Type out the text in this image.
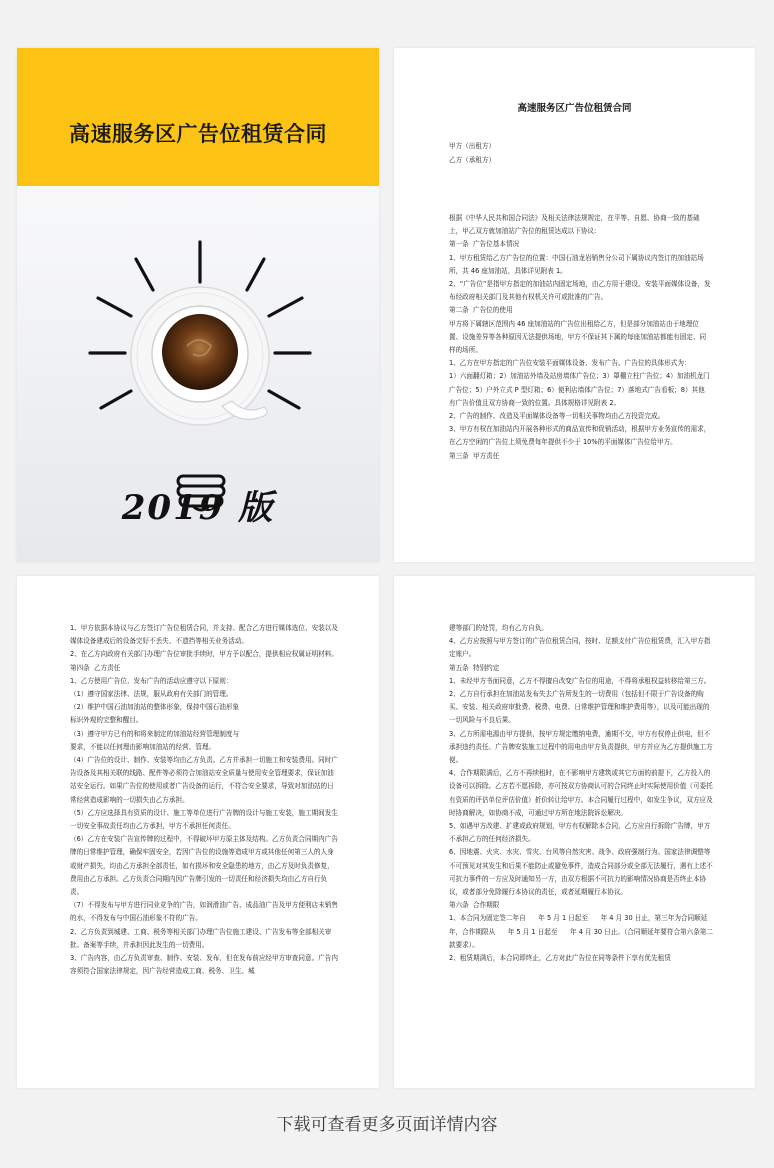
高速服务区广告位租赁合同
2019 版
高速服务区广告位租赁合同
甲方（出租方）
乙方（承租方）
根据《中华人民共和国合同法》及相关法律法规规定，在平等、自愿、协商一致的基础上，甲乙双方就加油站广告位的租赁达成以下协议:
第一条  广告位基本情况
1、甲方租赁给乙方广告位的位置：中国石油龙岩销售分公司下属协议内签订的加油站场所，共 46 座加油站，具体详见附表 1。
2、“广告位”是指甲方指定的加油站内固定场地，由乙方用于建设、安装平面媒体设备，发布经政府相关部门及其他有权机关许可或批准的广告。
第二条  广告位的使用
甲方将下属辖区范围内 46 座加油站的广告位出租给乙方，但是部分加油站由于地理位置、设施差异等各种原因无法提供场地，甲方不保证其下属的每座加油站都能有固定、同样的场所。
1、乙方在甲方指定的广告位安装平面媒体设备、发布广告。广告位的具体形式为：
1）六面翻灯箱；2）加油站外墙及站房墙体广告位；3）罩棚立柱广告位；4）加油机龙门广告位；5）户外立式 P 型灯箱；6）便利店墙体广告位；7）落地式广告看板；8）其他有广告价值且双方协商一致的位置。具体规格详见附表 2。
2、广告的制作、改造及平面媒体设备等一切相关事物均由乙方投资完成。
3、甲方有权在加油站内开展各种形式的商品宣传和促销活动，根据甲方业务宣传的需求，在乙方空闲的广告位上须免费每年提供不少于 10%的平面媒体广告位给甲方。
第三条  甲方责任
1、甲方依据本协议与乙方签订广告位租赁合同，并支持、配合乙方进行媒体选位、安装以及媒体设备建成后的设备完好不丢失、不遗挡等相关业务活动。
2、在乙方向政府有关部门办理广告位审批手续时，甲方予以配合，提供相应权属证明材料。
第四条  乙方责任
1、乙方使用广告位、发布广告的活动应遵守以下原则：
（1）遵守国家法律、法规，服从政府有关部门的管理。
（2）维护中国石油加油站的整体形象，保持中国石油形象
标识外观的完整和醒目。
（3）遵守甲方已有的和将来制定的加油站经营管理制度与
要求，不能以任何理由影响加油站的经营、管理。
（4）广告位的设计、制作、安装等均由乙方负责。乙方并承担一切施工和安装费用。同时广告设备及其相关联的线路、配件等必须符合加油站安全质量与使用安全管理要求，保证加油站安全运行。如果广告位的使用或者广告设备的运行，不符合安全要求，导致对加油站的日常经营造成影响的一切损失由乙方承担。
（5）乙方应选择具有资质的设计、施工等单位进行广告牌的设计与施工安装，施工期间发生一切安全事故责任均由乙方承担，甲方不承担任何责任。
（6）乙方在安装广告宣传牌的过程中，不得破坏甲方原主体及结构。乙方负责合同期内广告牌的日常维护管理，确保牢固安全，若因广告位的设施等造成甲方或其他任何第三人的人身或财产损失，均由乙方承担全部责任，如有损坏和安全隐患的地方，由乙方及时负责修复，费用由乙方承担。乙方负责合同期内因广告牌引发的一切责任和经济损失均由乙方自行负责。
（7）不得发布与甲方进行同业竞争的广告，如润滑油广告、成品油广告及甲方便利店未销售的水，不得发布与中国石油形象不符的广告。
2、乙方负责到城建、工商、税务等相关部门办理广告位施工建设、广告发布等全部相关审批、备案等手续，并承担因此发生的一切费用。
3、广告内容，由乙方负责审查、制作、安装、发布，但在发布前应经甲方审查同意。广告内容须符合国家法律规定，因广告经营造成工商、税务、卫生、城
建等部门的处罚，均有乙方自负。
4、乙方应按照与甲方签订的广告位租赁合同，按时、足额支付广告位租赁费，汇入甲方指定账户。
第五条  特别约定
1、未经甲方书面同意，乙方不得擅自改变广告位的用途，不得将承租权益转移给第三方。
2、乙方自行承担在加油站发布失去广告所发生的一切费用（包括但不限于广告设备的购买、安装、相关政府审批费、税费、电费、日常维护管理和维护费用等），以及可能出现的一切风险与不良后果。
3、乙方所需电源由甲方提供，按甲方规定缴纳电费，逾期不交，甲方有权停止供电，但不承担违约责任。广告牌安装施工过程中的用电由甲方负责提供，甲方并应为乙方提供施工方便。
4、合作期限满后，乙方不再续租时，在不影响甲方建筑或其它方面的前提下，乙方投入的设备可以拆除。乙方若不愿拆除，亦可按双方协商认可的合同终止时实际使用价值（可委托有资质的评估单位评估价值）折价转让给甲方。本合同履行过程中，如发生争议，双方应及时协商解决，如协商不成，可通过甲方所在地法院诉讼解决。
5、如遇甲方改建、扩建或政府规划，甲方有权解除本合同，乙方应自行拆除广告牌，甲方不承担乙方的任何经济损失。
6、因地震、火灾、水灾、雪灾、台风等自然灾害、战争、政府强制行为、国家法律调整等不可预见对其发生和后果不能防止或避免事件，造成合同部分或全部无法履行，遇有上述不可抗力事件的一方应及时通知另一方，由双方根据不可抗力的影响情况协商是否终止本协议，或者部分免除履行本协议的责任，或者延期履行本协议。
第六条  合作期限
1、本合同为固定签二年自      年 5 月 1 日起至      年 4 月 30 日止，第三年为合同顺延年，合作期限从      年 5 月 1 日起至      年 4 月 30 日止。（合同顺延年要符合第六条第二款要求）。
2、租赁期满后，本合同即终止，乙方对此广告位在同等条件下享有优先租赁
下载可查看更多页面详情内容
